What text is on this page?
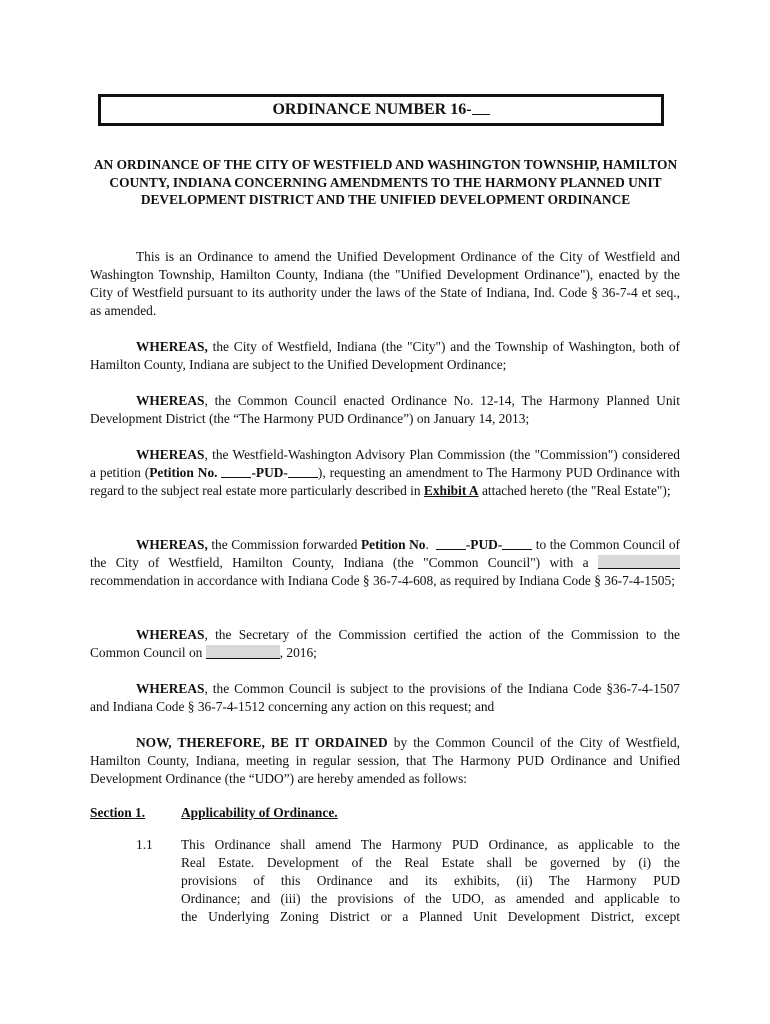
ORDINANCE NUMBER 16-
AN ORDINANCE OF THE CITY OF WESTFIELD AND WASHINGTON TOWNSHIP, HAMILTON COUNTY, INDIANA CONCERNING AMENDMENTS TO THE HARMONY PLANNED UNIT DEVELOPMENT DISTRICT AND THE UNIFIED DEVELOPMENT ORDINANCE
This is an Ordinance to amend the Unified Development Ordinance of the City of Westfield and Washington Township, Hamilton County, Indiana (the "Unified Development Ordinance"), enacted by the City of Westfield pursuant to its authority under the laws of the State of Indiana, Ind. Code § 36-7-4 et seq., as amended.
WHEREAS, the City of Westfield, Indiana (the "City") and the Township of Washington, both of Hamilton County, Indiana are subject to the Unified Development Ordinance;
WHEREAS, the Common Council enacted Ordinance No. 12-14, The Harmony Planned Unit Development District (the “The Harmony PUD Ordinance”) on January 14, 2013;
WHEREAS, the Westfield-Washington Advisory Plan Commission (the "Commission") considered a petition (Petition No.	-PUD- ), requesting an amendment to The Harmony PUD Ordinance with regard to the subject real estate more particularly described in Exhibit A attached hereto (the "Real Estate");
WHEREAS, the Commission forwarded Petition No.  -PUD- to the Common Council of the City of Westfield, Hamilton County, Indiana (the "Common Council") with a  recommendation in accordance with Indiana Code § 36-7-4-608, as required by Indiana Code § 36-7-4-1505;
WHEREAS, the Secretary of the Commission certified the action of the Commission to the Common Council on	, 2016;
WHEREAS, the Common Council is subject to the provisions of the Indiana Code §36-7-4-1507 and Indiana Code § 36-7-4-1512 concerning any action on this request; and
NOW, THEREFORE, BE IT ORDAINED by the Common Council of the City of Westfield, Hamilton County, Indiana, meeting in regular session, that The Harmony PUD Ordinance and Unified Development Ordinance (the “UDO”) are hereby amended as follows:
Section 1.	Applicability of Ordinance.
1.1 This Ordinance shall amend The Harmony PUD Ordinance, as applicable to the
Real Estate. Development of the Real Estate shall be governed by (i) the
provisions of this Ordinance and its exhibits, (ii) The Harmony PUD
Ordinance; and (iii) the provisions of the UDO, as amended and applicable to
the Underlying Zoning District or a Planned Unit Development District, except
